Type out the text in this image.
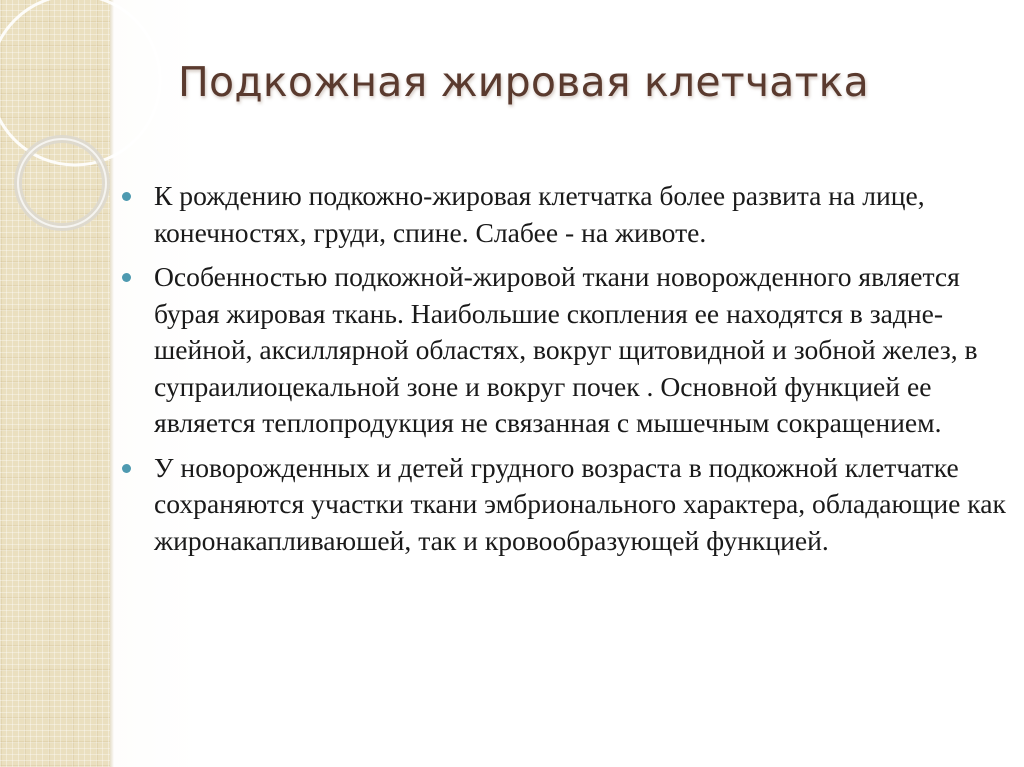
Подкожная жировая клетчатка
К рождению подкожно-жировая клетчатка более развита на лице, конечностях, груди, спине. Слабее - на животе.
Особенностью подкожной-жировой ткани новорожденного является бурая жировая ткань. Наибольшие скопления ее находятся в задне-шейной, аксиллярной областях, вокруг щитовидной и зобной желез, в супраилиоцекальной зоне и вокруг почек . Основной функцией ее является теплопродукция не связанная с мышечным сокращением.
У новорожденных и детей грудного возраста в подкожной клетчатке сохраняются участки ткани эмбрионального характера, обладающие как жиронакапливаюшей, так и кровообразующей функцией.
